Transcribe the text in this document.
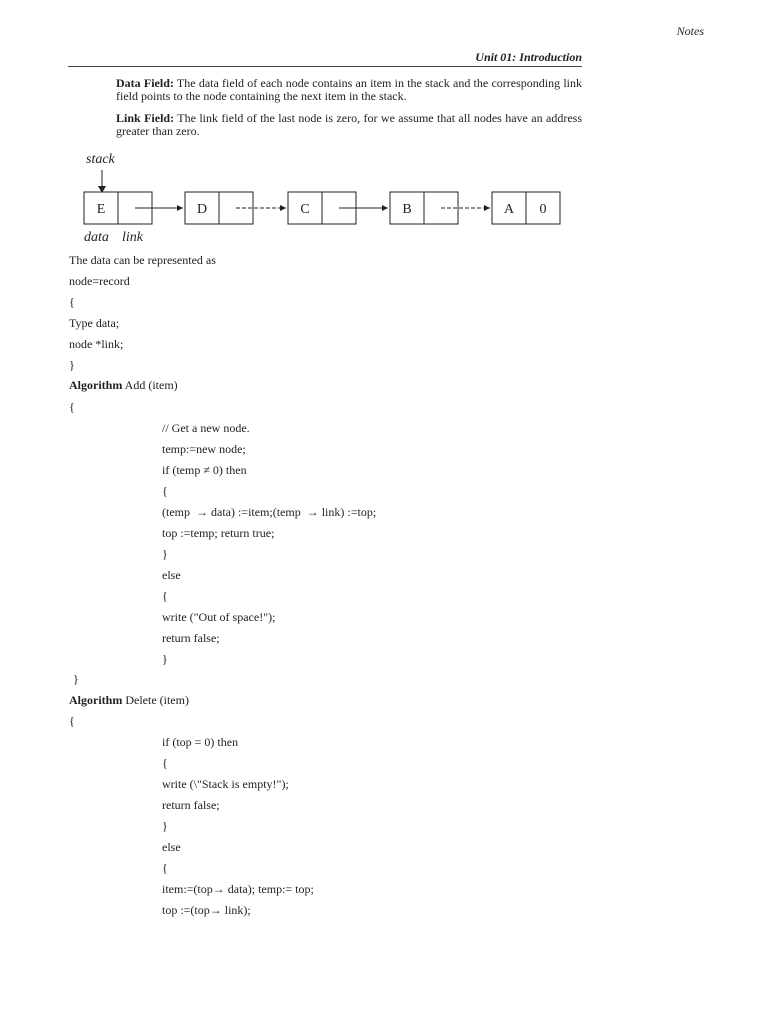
Notes
Unit 01: Introduction
Data Field: The data field of each node contains an item in the stack and the corresponding link field points to the node containing the next item in the stack.
Link Field: The link field of the last node is zero, for we assume that all nodes have an address greater than zero.
stack
data link
E	D	C	B	A 0
The data can be represented as
node=record
{
Type data;
node *link;
}
Algorithm Add (item)
{
// Get a new node.
temp:=new node;
if (temp ≠ 0) then
{
(temp  → data) :=item;(temp  → link) :=top;
top :=temp; return true;
}
else
{
write ("Out of space!");
return false;
}
}
Algorithm Delete (item)
{
if (top = 0) then
{
write (\"Stack is empty!");
return false;
}
else
{
item:=(top→ data); temp:= top;
top :=(top→ link);
